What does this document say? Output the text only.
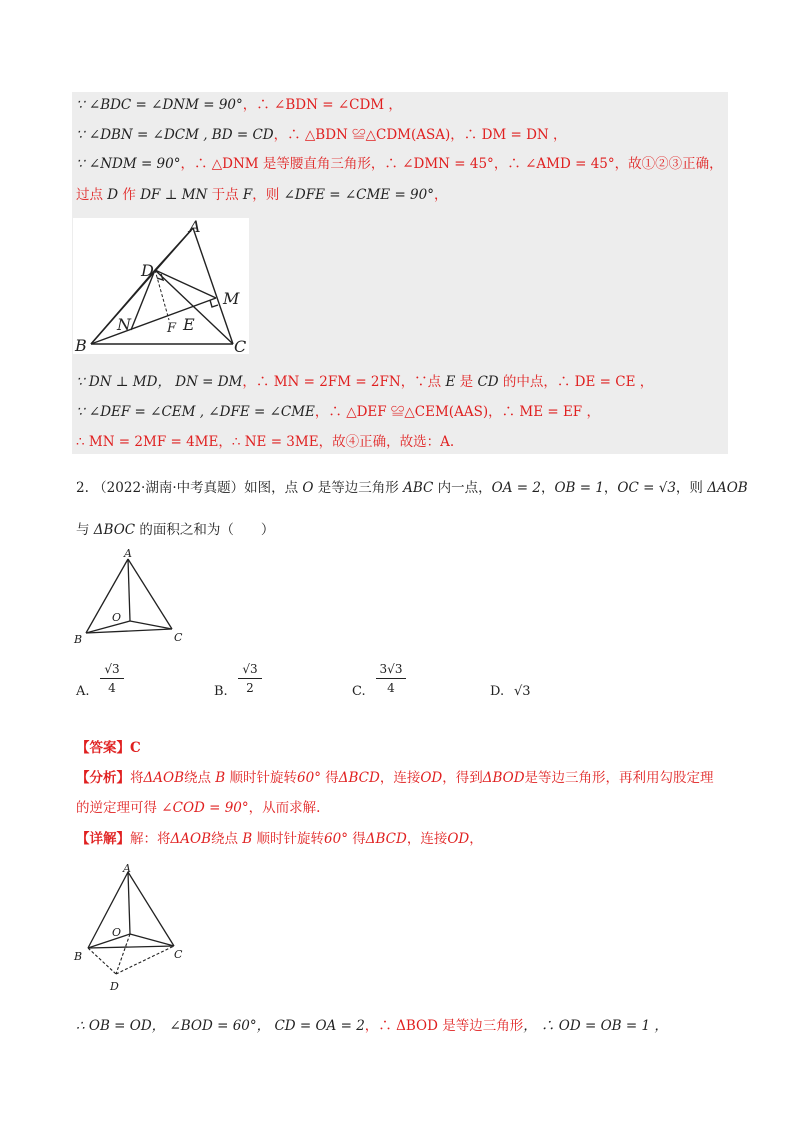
∵ ∠BDC = ∠DNM = 90°，∴ ∠BDN = ∠CDM ，
∵ ∠DBN = ∠DCM , BD = CD，∴ △BDN ≌△CDM(ASA)，∴ DM = DN ，
∵ ∠NDM = 90°，∴ △DNM 是等腰直角三角形，∴ ∠DMN = 45°，∴ ∠AMD = 45°，故①②③正确，
过点 D 作 DF ⊥ MN 于点 F，则 ∠DFE = ∠CME = 90°，
A
B	C
D
M
N	E
F
∵ DN ⊥ MD， DN = DM，∴ MN = 2FM = 2FN，∵点 E 是 CD 的中点，∴ DE = CE ，
∵ ∠DEF = ∠CEM , ∠DFE = ∠CME，∴ △DEF ≌△CEM(AAS)，∴ ME = EF ，
∴ MN = 2MF = 4ME，∴ NE = 3ME，故④正确，故选：A.
2. （2022·湖南·中考真题）如图，点 O 是等边三角形 ABC 内一点，OA = 2，OB = 1，OC = √3，则 ΔAOB
与 ΔBOC 的面积之和为（　　）
A
B	C
O
A. $\frac{√3}{4}$	B. $\frac{√3}{2}$	C. $\frac{3√3}{4}$	D. √3
【答案】C
【分析】将ΔAOB绕点 B 顺时针旋转60° 得ΔBCD，连接OD，得到ΔBOD是等边三角形，再利用勾股定理
的逆定理可得 ∠COD = 90°，从而求解.
【详解】解：将ΔAOB绕点 B 顺时针旋转60° 得ΔBCD，连接OD，
A
B	C
O
D
∴ OB = OD， ∠BOD = 60°， CD = OA = 2，∴ ΔBOD 是等边三角形， ∴ OD = OB = 1 ，
